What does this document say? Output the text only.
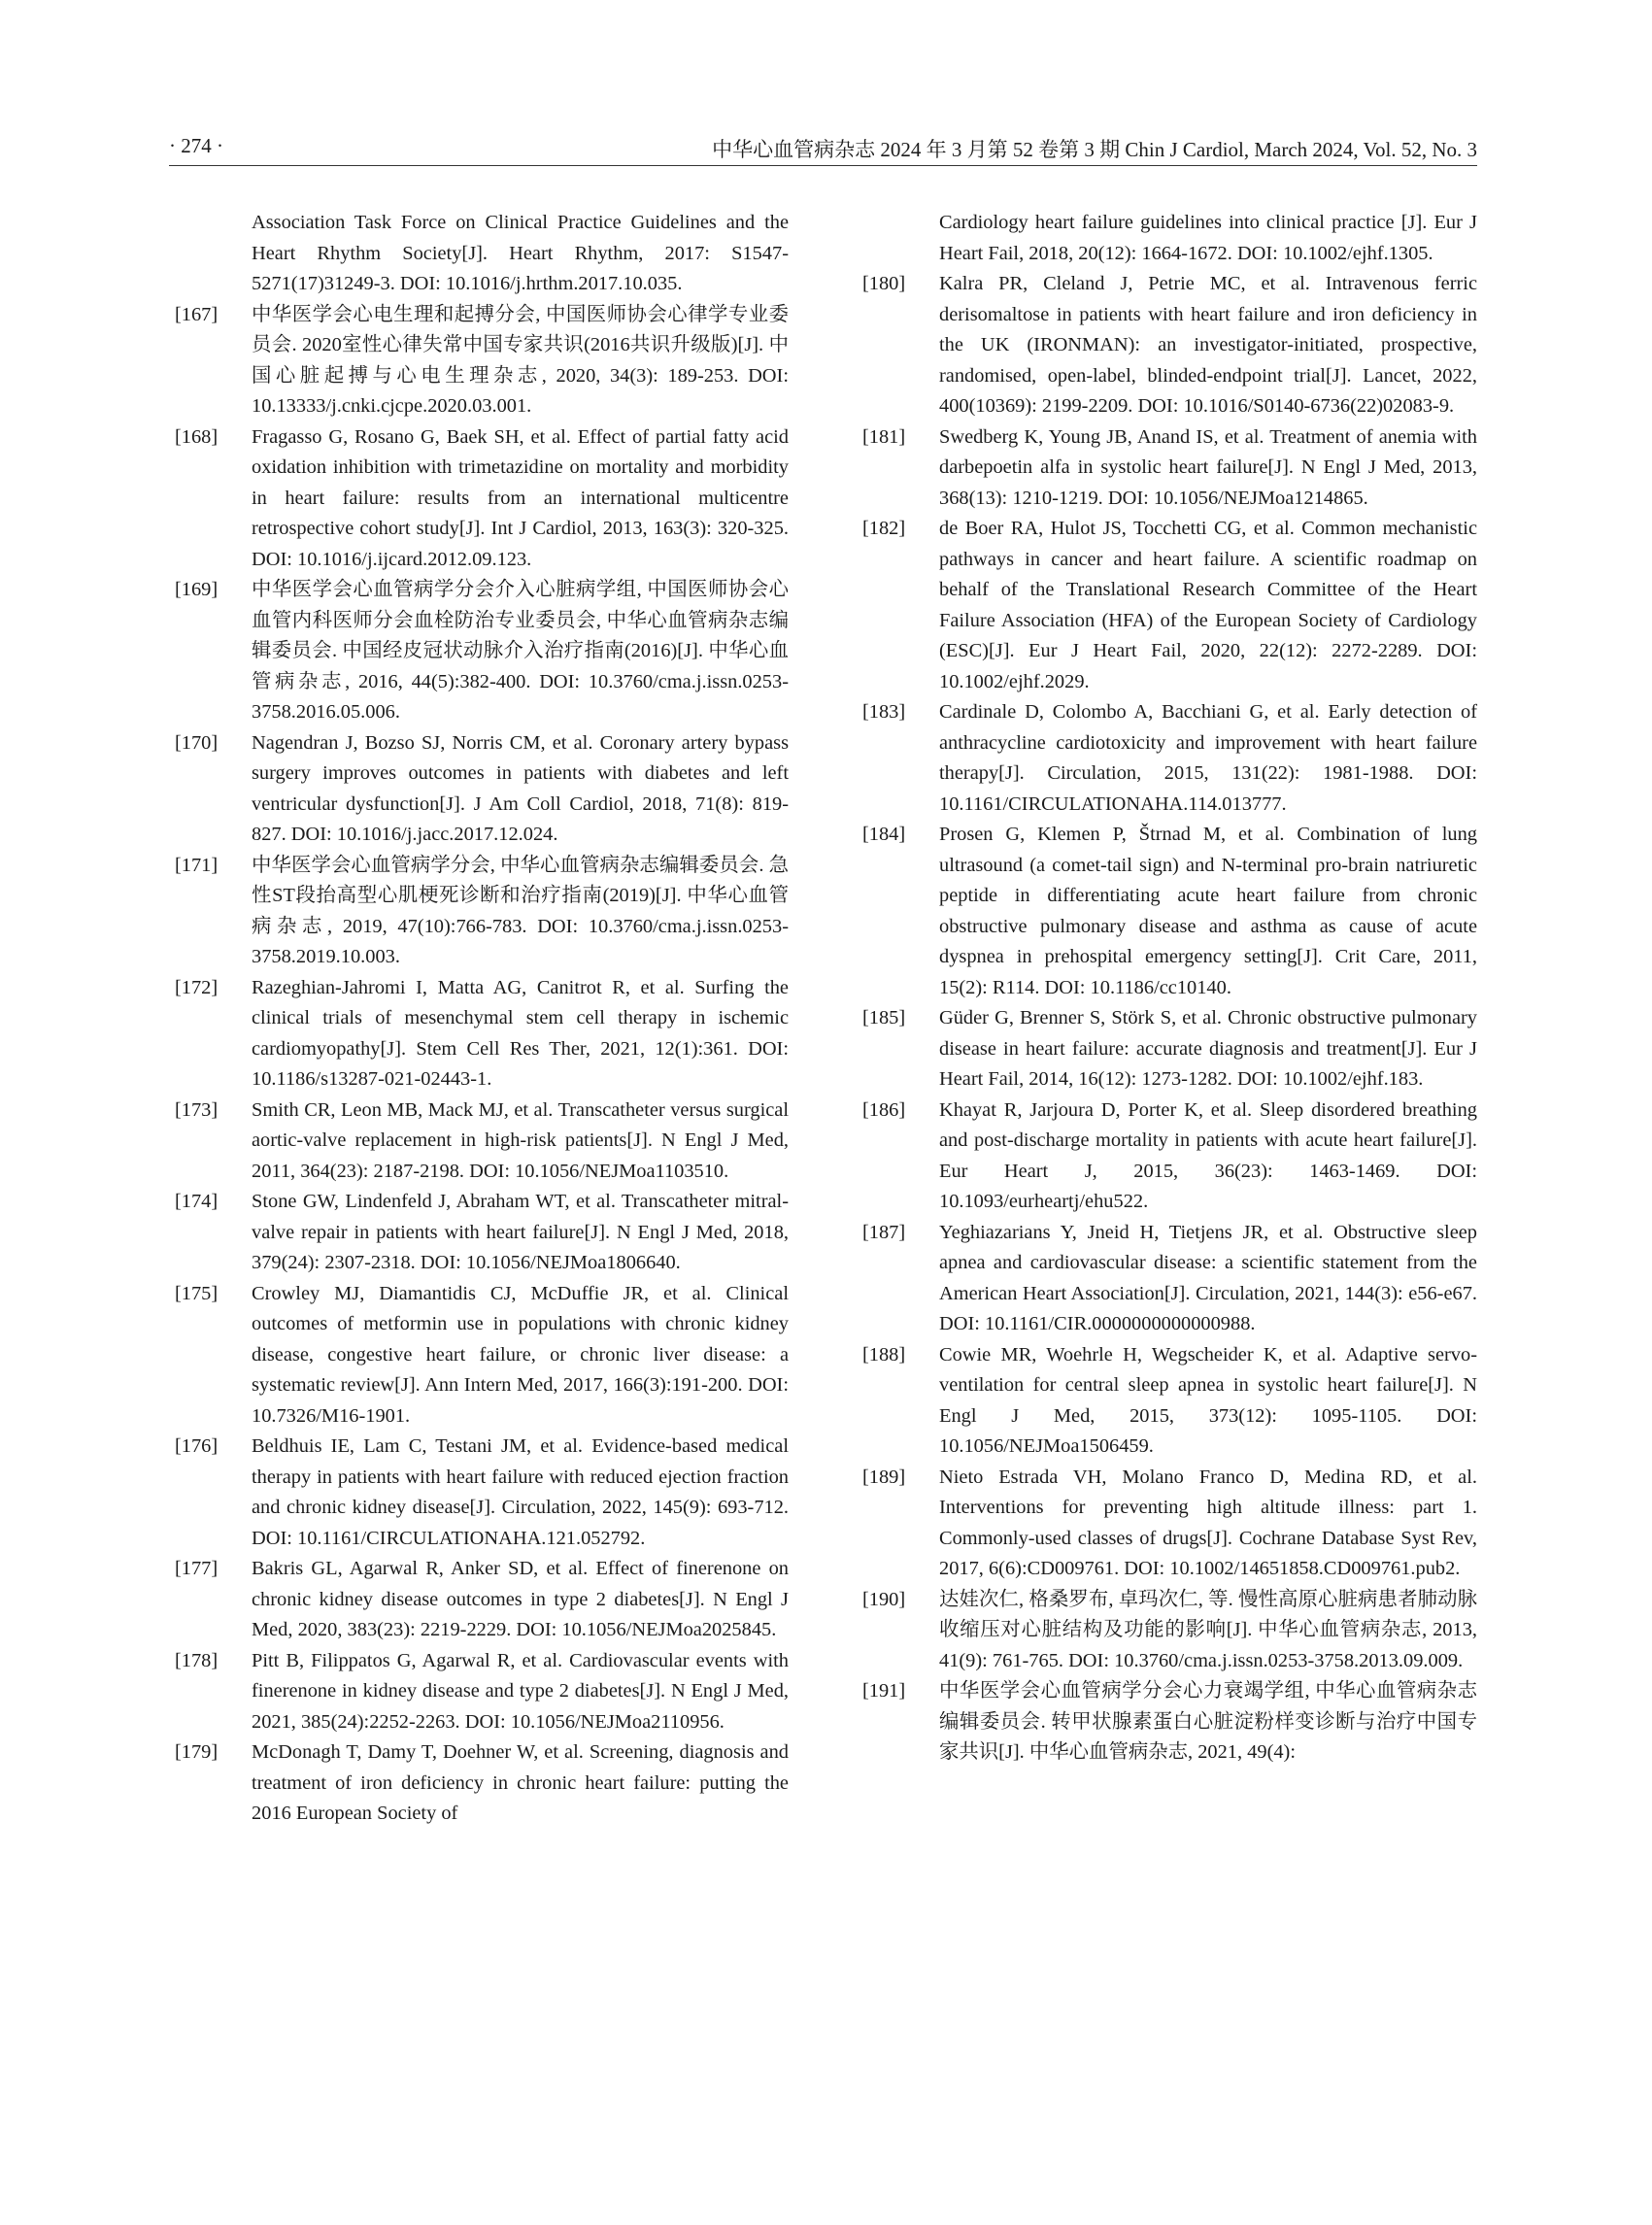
· 274 ·	中华心血管病杂志 2024 年 3 月第 52 卷第 3 期 Chin J Cardiol, March 2024, Vol. 52, No. 3
Association Task Force on Clinical Practice Guidelines and the Heart Rhythm Society[J]. Heart Rhythm, 2017: S1547-5271(17)31249-3. DOI: 10.1016/j.hrthm.2017.10.035.
[167] 中华医学会心电生理和起搏分会, 中国医师协会心律学专业委员会. 2020室性心律失常中国专家共识(2016共识升级版)[J]. 中国心脏起搏与心电生理杂志, 2020, 34(3): 189-253. DOI: 10.13333/j.cnki.cjcpe.2020.03.001.
[168] Fragasso G, Rosano G, Baek SH, et al. Effect of partial fatty acid oxidation inhibition with trimetazidine on mortality and morbidity in heart failure: results from an international multicentre retrospective cohort study[J]. Int J Cardiol, 2013, 163(3): 320-325. DOI: 10.1016/j.ijcard.2012.09.123.
[169] 中华医学会心血管病学分会介入心脏病学组, 中国医师协会心血管内科医师分会血栓防治专业委员会, 中华心血管病杂志编辑委员会. 中国经皮冠状动脉介入治疗指南(2016)[J]. 中华心血管病杂志, 2016, 44(5):382-400. DOI: 10.3760/cma.j.issn.0253-3758.2016.05.006.
[170] Nagendran J, Bozso SJ, Norris CM, et al. Coronary artery bypass surgery improves outcomes in patients with diabetes and left ventricular dysfunction[J]. J Am Coll Cardiol, 2018, 71(8): 819-827. DOI: 10.1016/j.jacc.2017.12.024.
[171] 中华医学会心血管病学分会, 中华心血管病杂志编辑委员会. 急性ST段抬高型心肌梗死诊断和治疗指南(2019)[J]. 中华心血管病杂志, 2019, 47(10):766-783. DOI: 10.3760/cma.j.issn.0253-3758.2019.10.003.
[172] Razeghian-Jahromi I, Matta AG, Canitrot R, et al. Surfing the clinical trials of mesenchymal stem cell therapy in ischemic cardiomyopathy[J]. Stem Cell Res Ther, 2021, 12(1):361. DOI: 10.1186/s13287-021-02443-1.
[173] Smith CR, Leon MB, Mack MJ, et al. Transcatheter versus surgical aortic-valve replacement in high-risk patients[J]. N Engl J Med, 2011, 364(23): 2187-2198. DOI: 10.1056/NEJMoa1103510.
[174] Stone GW, Lindenfeld J, Abraham WT, et al. Transcatheter mitral-valve repair in patients with heart failure[J]. N Engl J Med, 2018, 379(24): 2307-2318. DOI: 10.1056/NEJMoa1806640.
[175] Crowley MJ, Diamantidis CJ, McDuffie JR, et al. Clinical outcomes of metformin use in populations with chronic kidney disease, congestive heart failure, or chronic liver disease: a systematic review[J]. Ann Intern Med, 2017, 166(3):191-200. DOI: 10.7326/M16-1901.
[176] Beldhuis IE, Lam C, Testani JM, et al. Evidence-based medical therapy in patients with heart failure with reduced ejection fraction and chronic kidney disease[J]. Circulation, 2022, 145(9): 693-712. DOI: 10.1161/CIRCULATIONAHA.121.052792.
[177] Bakris GL, Agarwal R, Anker SD, et al. Effect of finerenone on chronic kidney disease outcomes in type 2 diabetes[J]. N Engl J Med, 2020, 383(23): 2219-2229. DOI: 10.1056/NEJMoa2025845.
[178] Pitt B, Filippatos G, Agarwal R, et al. Cardiovascular events with finerenone in kidney disease and type 2 diabetes[J]. N Engl J Med, 2021, 385(24):2252-2263. DOI: 10.1056/NEJMoa2110956.
[179] McDonagh T, Damy T, Doehner W, et al. Screening, diagnosis and treatment of iron deficiency in chronic heart failure: putting the 2016 European Society of
Cardiology heart failure guidelines into clinical practice [J]. Eur J Heart Fail, 2018, 20(12): 1664-1672. DOI: 10.1002/ejhf.1305.
[180] Kalra PR, Cleland J, Petrie MC, et al. Intravenous ferric derisomaltose in patients with heart failure and iron deficiency in the UK (IRONMAN): an investigator-initiated, prospective, randomised, open-label, blinded-endpoint trial[J]. Lancet, 2022, 400(10369): 2199-2209. DOI: 10.1016/S0140-6736(22)02083-9.
[181] Swedberg K, Young JB, Anand IS, et al. Treatment of anemia with darbepoetin alfa in systolic heart failure[J]. N Engl J Med, 2013, 368(13): 1210-1219. DOI: 10.1056/NEJMoa1214865.
[182] de Boer RA, Hulot JS, Tocchetti CG, et al. Common mechanistic pathways in cancer and heart failure. A scientific roadmap on behalf of the Translational Research Committee of the Heart Failure Association (HFA) of the European Society of Cardiology (ESC)[J]. Eur J Heart Fail, 2020, 22(12): 2272-2289. DOI: 10.1002/ejhf.2029.
[183] Cardinale D, Colombo A, Bacchiani G, et al. Early detection of anthracycline cardiotoxicity and improvement with heart failure therapy[J]. Circulation, 2015, 131(22): 1981-1988. DOI: 10.1161/CIRCULATIONAHA.114.013777.
[184] Prosen G, Klemen P, Štrnad M, et al. Combination of lung ultrasound (a comet-tail sign) and N-terminal pro-brain natriuretic peptide in differentiating acute heart failure from chronic obstructive pulmonary disease and asthma as cause of acute dyspnea in prehospital emergency setting[J]. Crit Care, 2011, 15(2): R114. DOI: 10.1186/cc10140.
[185] Güder G, Brenner S, Störk S, et al. Chronic obstructive pulmonary disease in heart failure: accurate diagnosis and treatment[J]. Eur J Heart Fail, 2014, 16(12): 1273-1282. DOI: 10.1002/ejhf.183.
[186] Khayat R, Jarjoura D, Porter K, et al. Sleep disordered breathing and post-discharge mortality in patients with acute heart failure[J]. Eur Heart J, 2015, 36(23): 1463-1469. DOI: 10.1093/eurheartj/ehu522.
[187] Yeghiazarians Y, Jneid H, Tietjens JR, et al. Obstructive sleep apnea and cardiovascular disease: a scientific statement from the American Heart Association[J]. Circulation, 2021, 144(3): e56-e67. DOI: 10.1161/CIR.0000000000000988.
[188] Cowie MR, Woehrle H, Wegscheider K, et al. Adaptive servo-ventilation for central sleep apnea in systolic heart failure[J]. N Engl J Med, 2015, 373(12): 1095-1105. DOI: 10.1056/NEJMoa1506459.
[189] Nieto Estrada VH, Molano Franco D, Medina RD, et al. Interventions for preventing high altitude illness: part 1. Commonly-used classes of drugs[J]. Cochrane Database Syst Rev, 2017, 6(6):CD009761. DOI: 10.1002/14651858.CD009761.pub2.
[190] 达娃次仁, 格桑罗布, 卓玛次仁, 等. 慢性高原心脏病患者肺动脉收缩压对心脏结构及功能的影响[J]. 中华心血管病杂志, 2013, 41(9): 761-765. DOI: 10.3760/cma.j.issn.0253-3758.2013.09.009.
[191] 中华医学会心血管病学分会心力衰竭学组, 中华心血管病杂志编辑委员会. 转甲状腺素蛋白心脏淀粉样变诊断与治疗中国专家共识[J]. 中华心血管病杂志, 2021, 49(4):
